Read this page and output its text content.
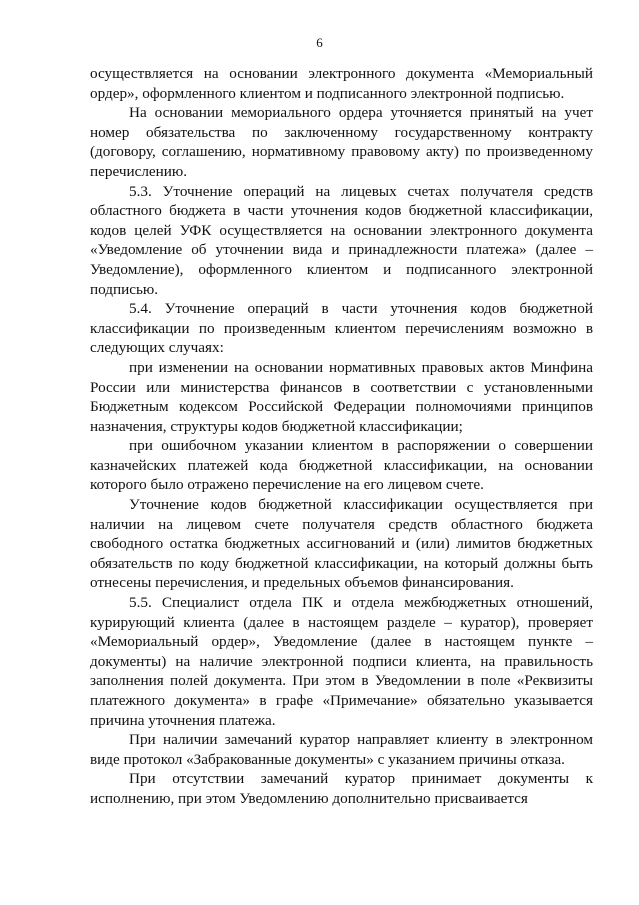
6

осуществляется на основании электронного документа «Мемориальный ордер», оформленного клиентом и подписанного электронной подписью.

На основании мемориального ордера уточняется принятый на учет номер обязательства по заключенному государственному контракту (договору, соглашению, нормативному правовому акту) по произведенному перечислению.

5.3. Уточнение операций на лицевых счетах получателя средств областного бюджета в части уточнения кодов бюджетной классификации, кодов целей УФК осуществляется на основании электронного документа «Уведомление об уточнении вида и принадлежности платежа» (далее – Уведомление), оформленного клиентом и подписанного электронной подписью.

5.4. Уточнение операций в части уточнения кодов бюджетной классификации по произведенным клиентом перечислениям возможно в следующих случаях:

при изменении на основании нормативных правовых актов Минфина России или министерства финансов в соответствии с установленными Бюджетным кодексом Российской Федерации полномочиями принципов назначения, структуры кодов бюджетной классификации;

при ошибочном указании клиентом в распоряжении о совершении казначейских платежей кода бюджетной классификации, на основании которого было отражено перечисление на его лицевом счете.

Уточнение кодов бюджетной классификации осуществляется при наличии на лицевом счете получателя средств областного бюджета свободного остатка бюджетных ассигнований и (или) лимитов бюджетных обязательств по коду бюджетной классификации, на который должны быть отнесены перечисления, и предельных объемов финансирования.

5.5. Специалист отдела ПК и отдела межбюджетных отношений, курирующий клиента (далее в настоящем разделе – куратор), проверяет «Мемориальный ордер», Уведомление (далее в настоящем пункте – документы) на наличие электронной подписи клиента, на правильность заполнения полей документа. При этом в Уведомлении в поле «Реквизиты платежного документа» в графе «Примечание» обязательно указывается причина уточнения платежа.

При наличии замечаний куратор направляет клиенту в электронном виде протокол «Забракованные документы» с указанием причины отказа.

При отсутствии замечаний куратор принимает документы к исполнению, при этом Уведомлению дополнительно присваивается
